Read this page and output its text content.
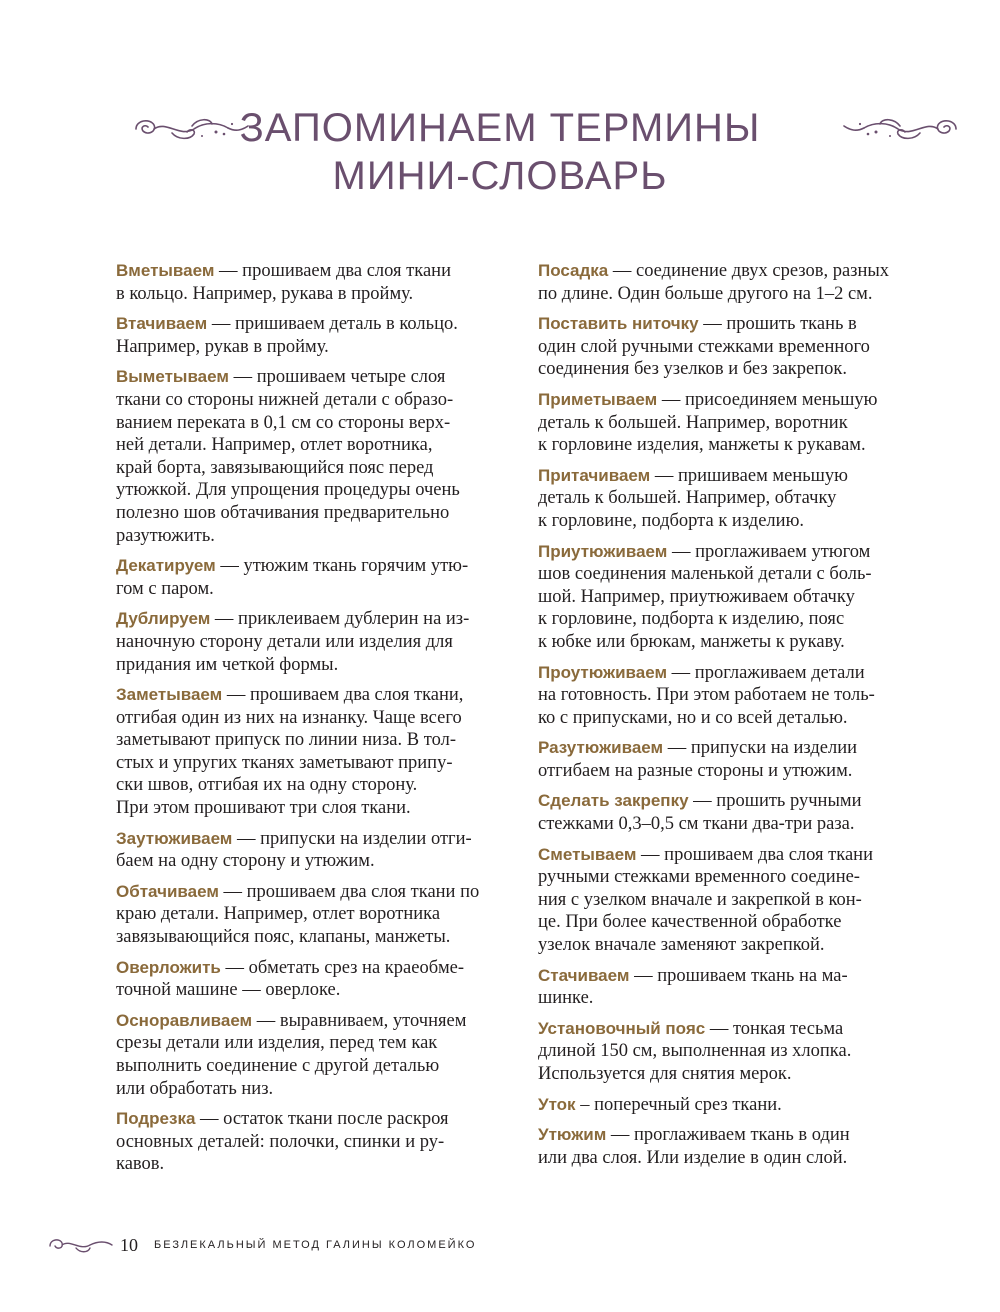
ЗАПОМИНАЕМ ТЕРМИНЫ
МИНИ-СЛОВАРЬ

Вметываем — прошиваем два слоя ткани
в кольцо. Например, рукава в пройму.

Втачиваем — пришиваем деталь в кольцо.
Например, рукав в пройму.

Выметываем — прошиваем четыре слоя
ткани со стороны нижней детали с образо-
ванием переката в 0,1 см со стороны верх-
ней детали. Например, отлет воротника,
край борта, завязывающийся пояс перед
утюжкой. Для упрощения процедуры очень
полезно шов обтачивания предварительно
разутюжить.

Декатируем — утюжим ткань горячим утю-
гом с паром.

Дублируем — приклеиваем дублерин на из-
наночную сторону детали или изделия для
придания им четкой формы.

Заметываем — прошиваем два слоя ткани,
отгибая один из них на изнанку. Чаще всего
заметывают припуск по линии низа. В тол-
стых и упругих тканях заметывают припу-
ски швов, отгибая их на одну сторону.
При этом прошивают три слоя ткани.

Заутюживаем — припуски на изделии отги-
баем на одну сторону и утюжим.

Обтачиваем — прошиваем два слоя ткани по
краю детали. Например, отлет воротника
завязывающийся пояс, клапаны, манжеты.

Оверложить — обметать срез на краеобме-
точной машине — оверлоке.

Оснoравливаем — выравниваем, уточняем
срезы детали или изделия, перед тем как
выполнить соединение с другой деталью
или обработать низ.

Подрезка — остаток ткани после раскроя
основных деталей: полочки, спинки и ру-
кавов.

Посадка — соединение двух срезов, разных
по длине. Один больше другого на 1–2 см.

Поставить ниточку — прошить ткань в
один слой ручными стежками временного
соединения без узелков и без закрепок.

Приметываем — присоединяем меньшую
деталь к большей. Например, воротник
к горловине изделия, манжеты к рукавам.

Притачиваем — пришиваем меньшую
деталь к большей. Например, обтачку
к горловине, подборта к изделию.

Приутюживаем — проглаживаем утюгом
шов соединения маленькой детали с боль-
шой. Например, приутюживаем обтачку
к горловине, подборта к изделию, пояс
к юбке или брюкам, манжеты к рукаву.

Проутюживаем — проглаживаем детали
на готовность. При этом работаем не толь-
ко с припусками, но и со всей деталью.

Разутюживаем — припуски на изделии
отгибаем на разные стороны и утюжим.

Сделать закрепку — прошить ручными
стежками 0,3–0,5 см ткани два-три раза.

Сметываем — прошиваем два слоя ткани
ручными стежками временного соедине-
ния с узелком вначале и закрепкой в кон-
це. При более качественной обработке
узелок вначале заменяют закрепкой.

Стачиваем — прошиваем ткань на ма-
шинке.

Установочный пояс — тонкая тесьма
длиной 150 см, выполненная из хлопка.
Используется для снятия мерок.

Уток – поперечный срез ткани.

Утюжим — проглаживаем ткань в один
или два слоя. Или изделие в один слой.

10 БЕЗЛЕКАЛЬНЫЙ МЕТОД ГАЛИНЫ КОЛОМЕЙКО
